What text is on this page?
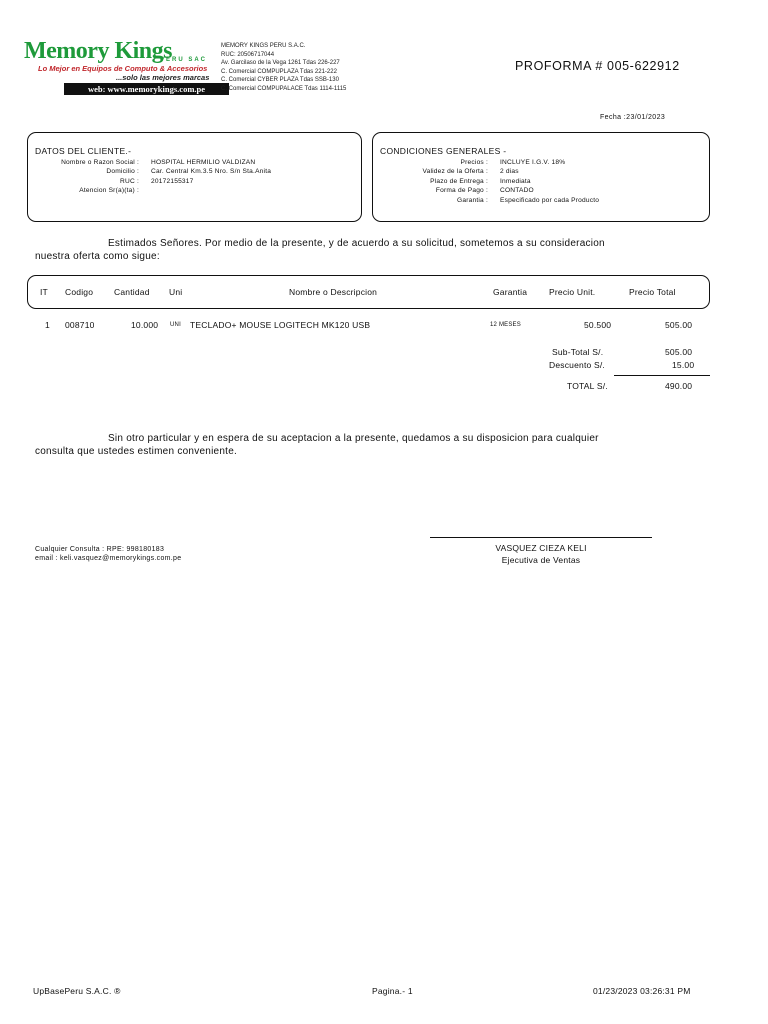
Memory Kings
PERU SAC
Lo Mejor en Equipos de Computo & Accesorios
...solo las mejores marcas
web: www.memorykings.com.pe
MEMORY KINGS PERU S.A.C.
RUC: 20506717044
Av. Garcilaso de la Vega 1261 Tdas 226-227
C. Comercial COMPUPLAZA Tdas 221-222
C. Comercial CYBER PLAZA Tdas SSB-130
C. Comercial COMPUPALACE Tdas 1114-1115
PROFORMA # 005-622912
Fecha :23/01/2023
DATOS DEL CLIENTE.-
Nombre o Razon Social :	HOSPITAL HERMILIO VALDIZAN
Domicilio :	Car. Central Km.3.5 Nro. S/n Sta.Anita
RUC :	20172155317
Atencion Sr(a)(ta) :
CONDICIONES GENERALES -
Precios :	INCLUYE I.G.V. 18%
Validez de la Oferta :	2 dias
Plazo de Entrega :	Inmediata
Forma de Pago :	CONTADO
Garantia :	Especificado por cada Producto
Estimados Señores. Por medio de la presente, y de acuerdo a su solicitud, sometemos a su consideracion
nuestra oferta como sigue:
IT Codigo Cantidad Uni	Nombre o Descripcion	Garantia	Precio Unit.	Precio Total
1 008710	10.000 UNI TECLADO+ MOUSE LOGITECH MK120 USB	12 MESES	50.500	505.00
Sub-Total S/.	505.00
Descuento S/.	15.00
TOTAL S/.	490.00
Sin otro particular y en espera de su aceptacion a la presente, quedamos a su disposicion para cualquier
consulta que ustedes estimen conveniente.
Cualquier Consulta : RPE: 998180183
email : keli.vasquez@memorykings.com.pe
VASQUEZ CIEZA KELI
Ejecutiva de Ventas
UpBasePeru S.A.C. ®	Pagina.- 1	01/23/2023 03:26:31 PM
